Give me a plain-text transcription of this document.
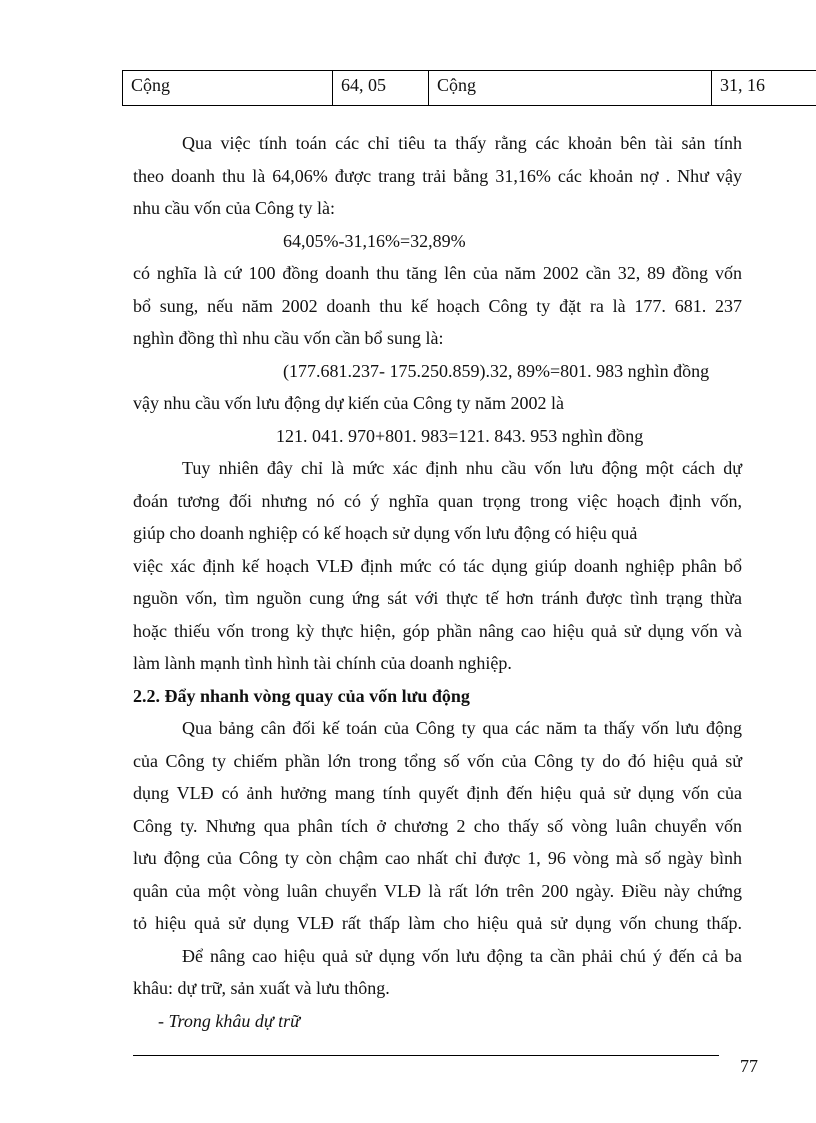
Cộng	64, 05	Cộng	31, 16

Qua việc tính toán các chỉ tiêu ta thấy rằng các khoản bên tài sản tính

theo doanh thu là 64,06% được trang trải bằng 31,16% các khoản nợ . Như vậy

nhu cầu vốn của Công ty là:

64,05%-31,16%=32,89%

có nghĩa là cứ 100 đồng doanh thu tăng lên của năm 2002 cần 32, 89 đồng vốn

bổ sung, nếu năm 2002 doanh thu kế hoạch Công ty đặt ra là 177. 681. 237

nghìn đồng thì nhu cầu vốn cần bổ sung là:

(177.681.237- 175.250.859).32, 89%=801. 983 nghìn đồng

vậy nhu cầu vốn lưu động dự kiến của Công ty năm 2002 là

121. 041. 970+801. 983=121. 843. 953 nghìn đồng

Tuy nhiên đây chỉ là mức xác định nhu cầu vốn lưu động một cách dự

đoán tương đối nhưng nó có ý nghĩa quan trọng trong việc hoạch định vốn,

giúp cho doanh nghiệp có kế hoạch sử dụng vốn lưu động có hiệu quả

việc xác định kế hoạch VLĐ định mức có tác dụng giúp doanh nghiệp phân bổ

nguồn vốn, tìm nguồn cung ứng sát với thực tế hơn tránh được tình trạng thừa

hoặc thiếu vốn trong kỳ thực hiện, góp phần nâng cao hiệu quả sử dụng vốn và

làm lành mạnh tình hình tài chính của doanh nghiệp.

2.2. Đẩy nhanh vòng quay của vốn lưu động

Qua bảng cân đối kế toán của Công ty qua các năm ta thấy vốn lưu động

của Công ty chiếm phần lớn trong tổng số vốn của Công ty do đó hiệu quả sử

dụng VLĐ có ảnh hưởng mang tính quyết định đến hiệu quả sử dụng vốn của

Công ty. Nhưng qua phân tích ở chương 2 cho thấy số vòng luân chuyển vốn

lưu động của Công ty còn chậm cao nhất chỉ được 1, 96 vòng mà số ngày bình

quân của một vòng luân chuyển VLĐ là rất lớn trên 200 ngày. Điều này chứng

tỏ hiệu quả sử dụng VLĐ rất thấp làm cho hiệu quả sử dụng vốn chung thấp.

Để nâng cao hiệu quả sử dụng vốn lưu động ta cần phải chú ý đến cả ba

khâu: dự trữ, sản xuất và lưu thông.

- Trong khâu dự trữ

77
